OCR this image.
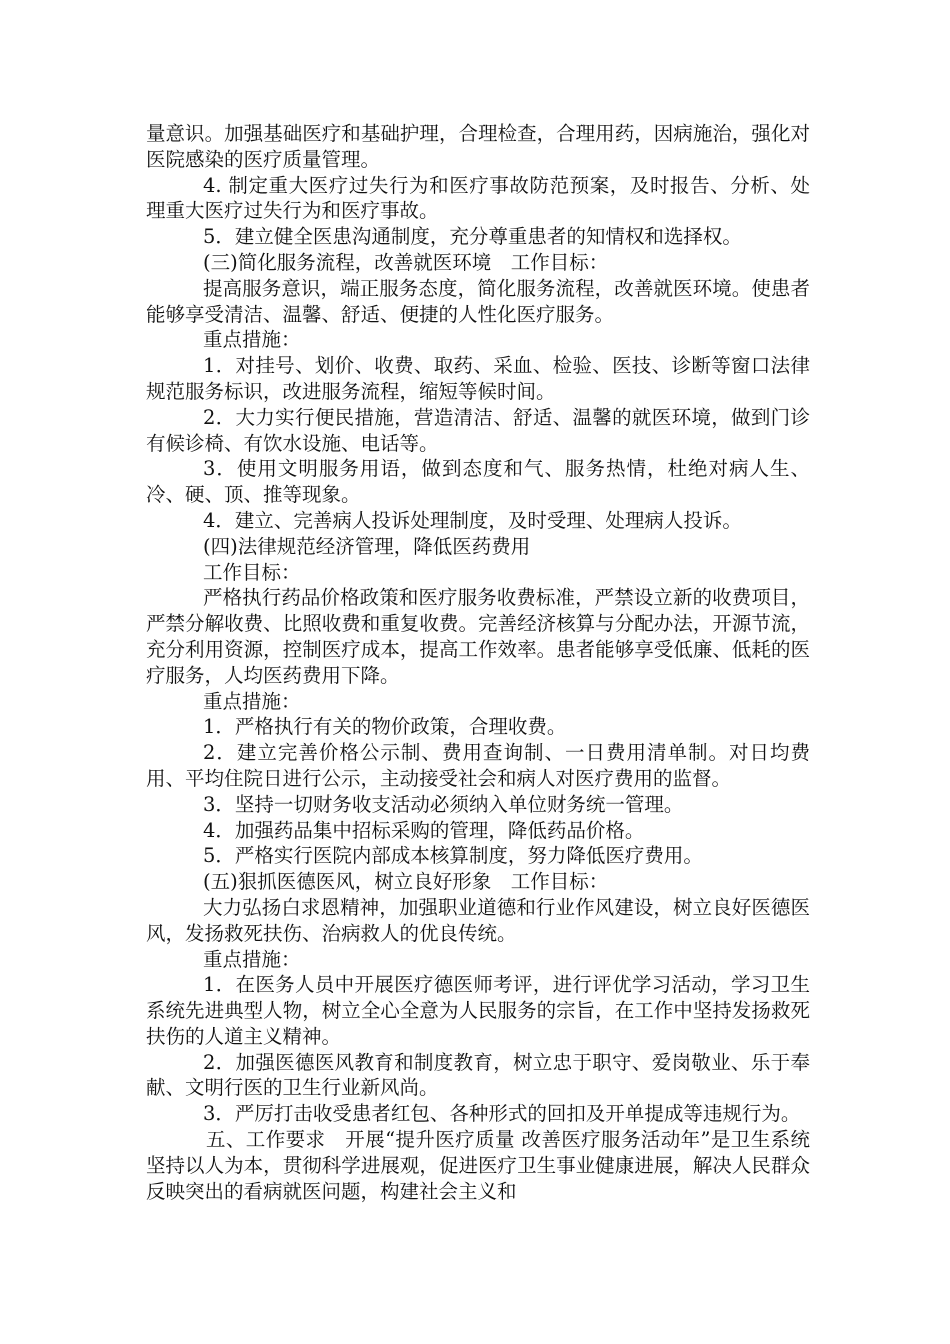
量意识。加强基础医疗和基础护理，合理检查，合理用药，因病施治，强化对医院感染的医疗质量管理。

4. 制定重大医疗过失行为和医疗事故防范预案，及时报告、分析、处理重大医疗过失行为和医疗事故。

5．建立健全医患沟通制度，充分尊重患者的知情权和选择权。

(三)简化服务流程，改善就医环境　工作目标：

提高服务意识，端正服务态度，简化服务流程，改善就医环境。使患者能够享受清洁、温馨、舒适、便捷的人性化医疗服务。

重点措施：

1．对挂号、划价、收费、取药、采血、检验、医技、诊断等窗口法律规范服务标识，改进服务流程，缩短等候时间。

2．大力实行便民措施，营造清洁、舒适、温馨的就医环境，做到门诊有候诊椅、有饮水设施、电话等。

3．使用文明服务用语，做到态度和气、服务热情，杜绝对病人生、冷、硬、顶、推等现象。

4．建立、完善病人投诉处理制度，及时受理、处理病人投诉。

(四)法律规范经济管理，降低医药费用

工作目标：

严格执行药品价格政策和医疗服务收费标准，严禁设立新的收费项目，严禁分解收费、比照收费和重复收费。完善经济核算与分配办法，开源节流，充分利用资源，控制医疗成本，提高工作效率。患者能够享受低廉、低耗的医疗服务，人均医药费用下降。

重点措施：

1．严格执行有关的物价政策，合理收费。

2．建立完善价格公示制、费用查询制、一日费用清单制。对日均费用、平均住院日进行公示，主动接受社会和病人对医疗费用的监督。

3．坚持一切财务收支活动必须纳入单位财务统一管理。

4．加强药品集中招标采购的管理，降低药品价格。

5．严格实行医院内部成本核算制度，努力降低医疗费用。

(五)狠抓医德医风，树立良好形象　工作目标：

大力弘扬白求恩精神，加强职业道德和行业作风建设，树立良好医德医风，发扬救死扶伤、治病救人的优良传统。

重点措施：

1．在医务人员中开展医疗德医师考评，进行评优学习活动，学习卫生系统先进典型人物，树立全心全意为人民服务的宗旨，在工作中坚持发扬救死扶伤的人道主义精神。

2．加强医德医风教育和制度教育，树立忠于职守、爱岗敬业、乐于奉献、文明行医的卫生行业新风尚。

3．严厉打击收受患者红包、各种形式的回扣及开单提成等违规行为。

五、工作要求　开展“提升医疗质量 改善医疗服务活动年”是卫生系统坚持以人为本，贯彻科学进展观，促进医疗卫生事业健康进展，解决人民群众反映突出的看病就医问题，构建社会主义和
